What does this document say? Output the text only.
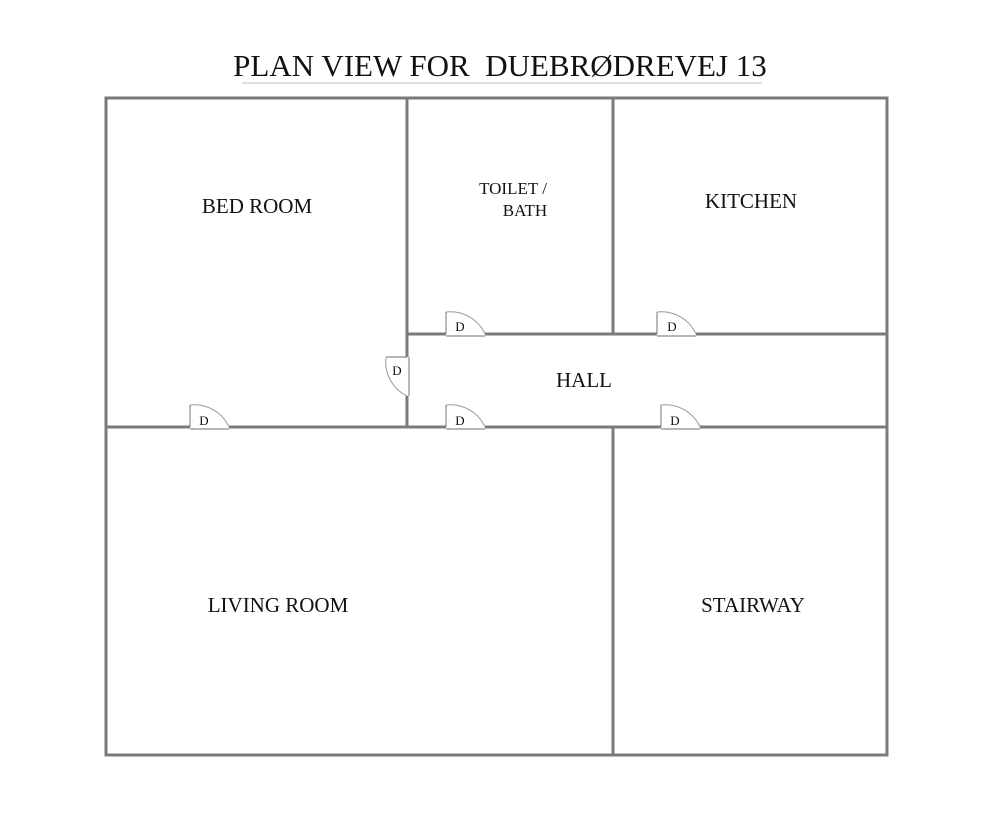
PLAN VIEW FOR  DUEBRØDREVEJ 13
D	D
D
D	D	D
BED ROOM
TOILET /
BATH	KITCHEN
HALL
LIVING ROOM	STAIRWAY
